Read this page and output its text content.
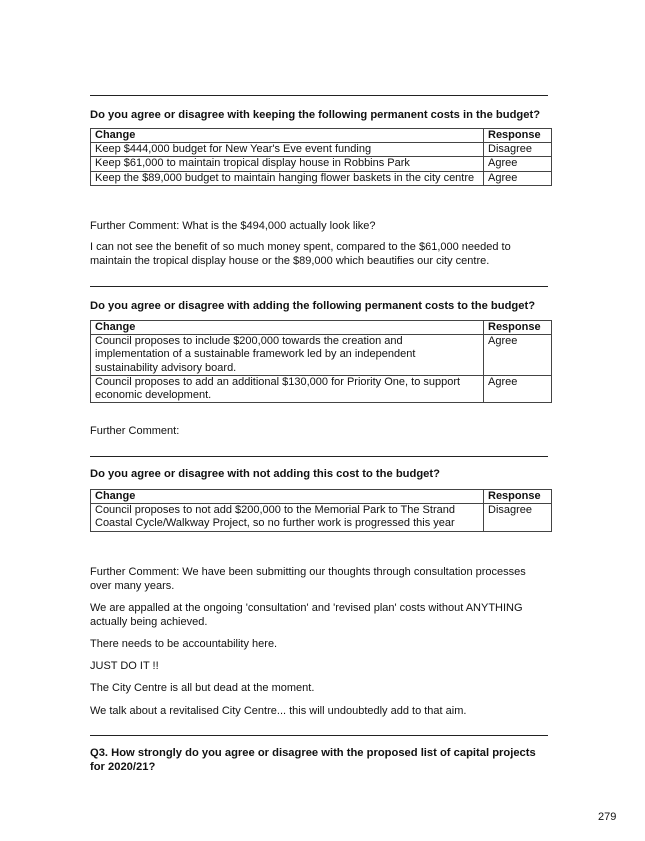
Do you agree or disagree with keeping the following permanent costs in the budget?
Change	Response
Keep $444,000 budget for New Year's Eve event funding	Disagree
Keep $61,000 to maintain tropical display house in Robbins Park	Agree
Keep the $89,000 budget to maintain hanging flower baskets in the city centre	Agree
Further Comment: What is the $494,000 actually look like?
I can not see the benefit of so much money spent, compared to the $61,000 needed to maintain the tropical display house or the $89,000 which beautifies our city centre.
Do you agree or disagree with adding the following permanent costs to the budget?
Change	Response
Council proposes to include $200,000 towards the creation and implementation of a sustainable framework led by an independent sustainability advisory board.	Agree
Council proposes to add an additional $130,000 for Priority One, to support economic development.	Agree
Further Comment:
Do you agree or disagree with not adding this cost to the budget?
Change	Response
Council proposes to not add $200,000 to the Memorial Park to The Strand Coastal Cycle/Walkway Project, so no further work is progressed this year	Disagree
Further Comment: We have been submitting our thoughts through consultation processes over many years.
We are appalled at the ongoing 'consultation' and 'revised plan' costs without ANYTHING actually being achieved.
There needs to be accountability here.
JUST DO IT !!
The City Centre is all but dead at the moment.
We talk about a revitalised City Centre... this will undoubtedly add to that aim.
Q3. How strongly do you agree or disagree with the proposed list of capital projects for 2020/21?
279
